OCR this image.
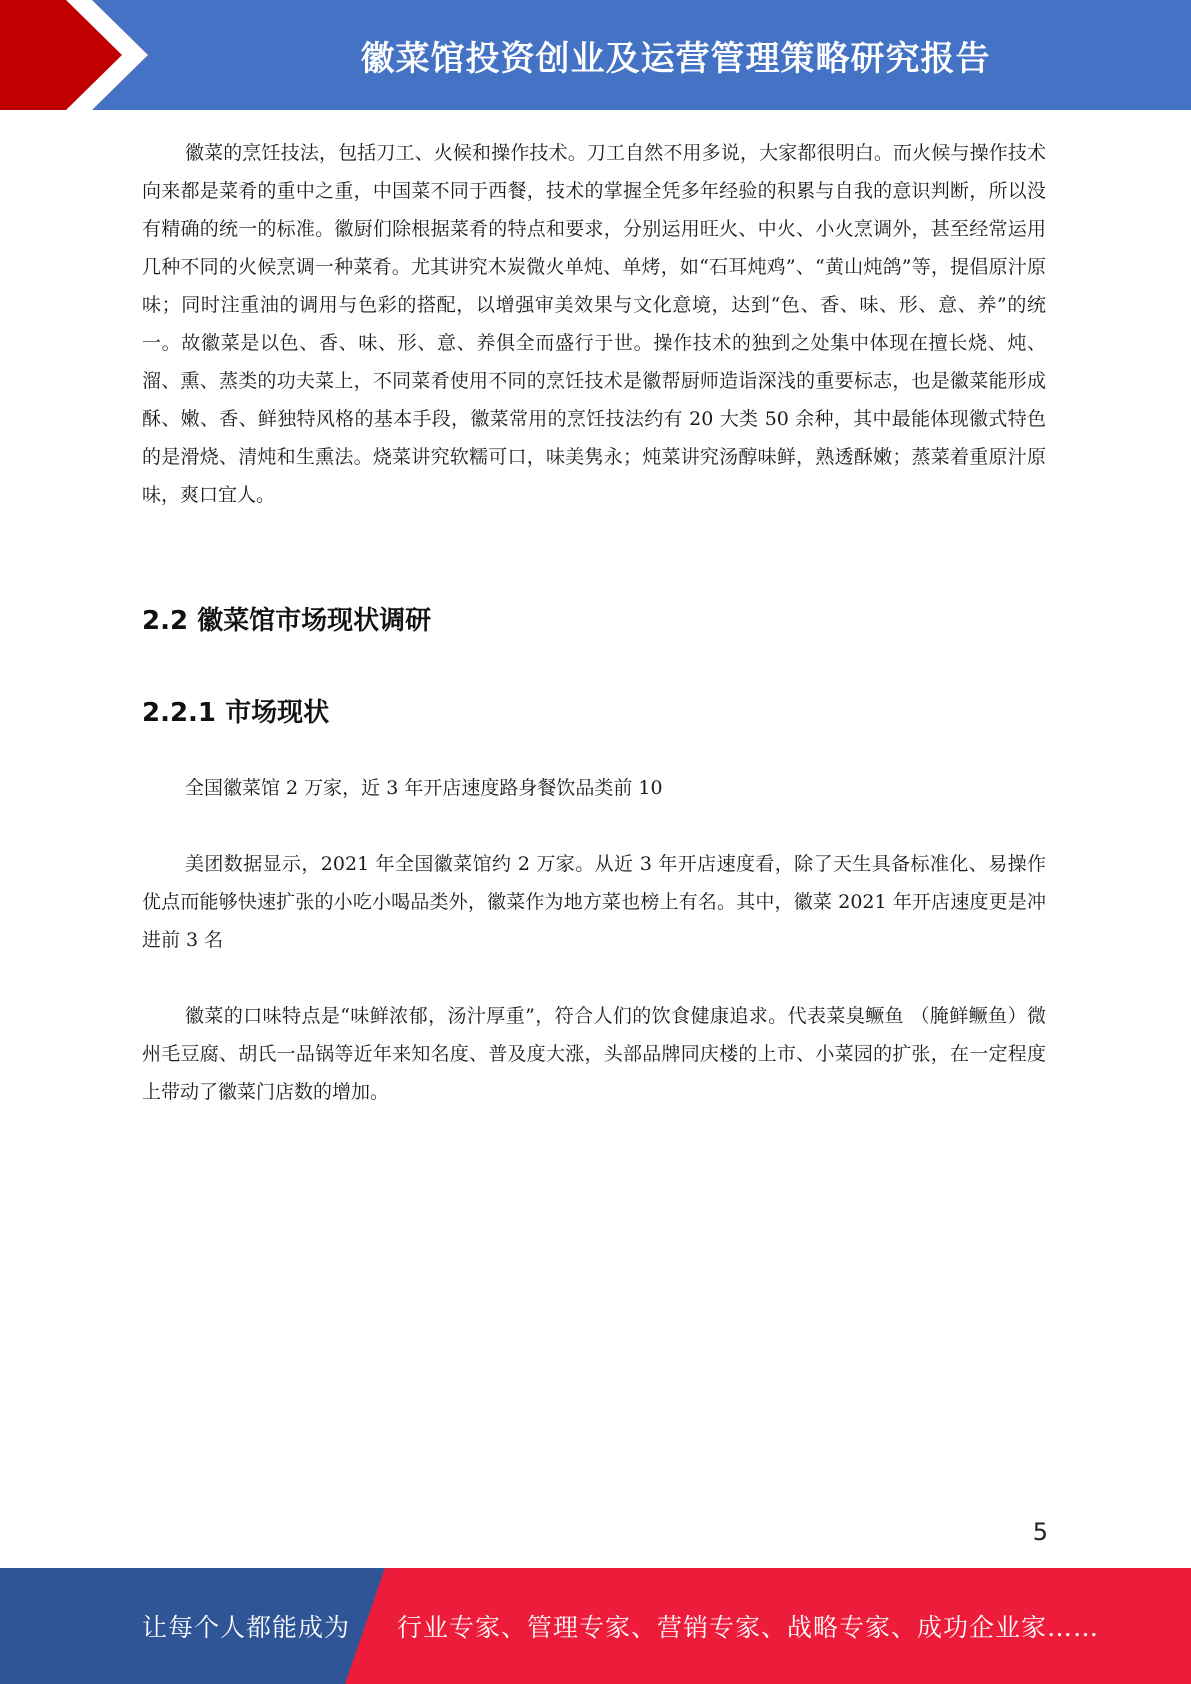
徽菜馆投资创业及运营管理策略研究报告

徽菜的烹饪技法，包括刀工、火候和操作技术。刀工自然不用多说，大家都很明白。而火候与操作技术向来都是菜肴的重中之重，中国菜不同于西餐，技术的掌握全凭多年经验的积累与自我的意识判断，所以没有精确的统一的标准。徽厨们除根据菜肴的特点和要求，分别运用旺火、中火、小火烹调外，甚至经常运用几种不同的火候烹调一种菜肴。尤其讲究木炭微火单炖、单烤，如“石耳炖鸡”、“黄山炖鸽”等，提倡原汁原味；同时注重油的调用与色彩的搭配，以增强审美效果与文化意境，达到“色、香、味、形、意、养”的统一。故徽菜是以色、香、味、形、意、养俱全而盛行于世。操作技术的独到之处集中体现在擅长烧、炖、溜、熏、蒸类的功夫菜上，不同菜肴使用不同的烹饪技术是徽帮厨师造诣深浅的重要标志，也是徽菜能形成酥、嫩、香、鲜独特风格的基本手段，徽菜常用的烹饪技法约有 20 大类 50 余种，其中最能体现徽式特色的是滑烧、清炖和生熏法。烧菜讲究软糯可口，味美隽永；炖菜讲究汤醇味鲜，熟透酥嫩；蒸菜着重原汁原味，爽口宜人。

2.2 徽菜馆市场现状调研
2.2.1 市场现状

全国徽菜馆 2 万家，近 3 年开店速度路身餐饮品类前 10

美团数据显示，2021 年全国徽菜馆约 2 万家。从近 3 年开店速度看，除了天生具备标准化、易操作优点而能够快速扩张的小吃小喝品类外，徽菜作为地方菜也榜上有名。其中，徽菜 2021 年开店速度更是冲进前 3 名

徽菜的口味特点是“味鲜浓郁，汤汁厚重”，符合人们的饮食健康追求。代表菜臭鳜鱼 （腌鲜鳜鱼）微州毛豆腐、胡氏一品锅等近年来知名度、普及度大涨，头部品牌同庆楼的上市、小菜园的扩张，在一定程度上带动了徽菜门店数的增加。

5
让每个人都能成为 行业专家、管理专家、营销专家、战略专家、成功企业家……
